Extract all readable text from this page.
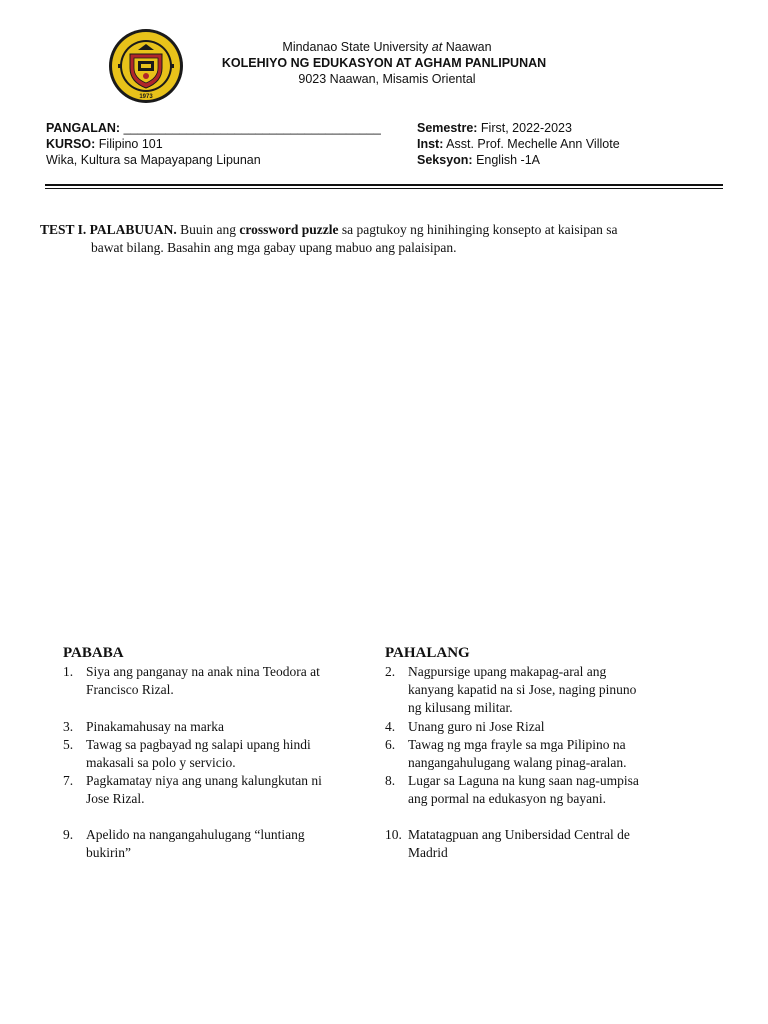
1973
Mindanao State University at Naawan
KOLEHIYO NG EDUKASYON AT AGHAM PANLIPUNAN
9023 Naawan, Misamis Oriental
PANGALAN: _____________________________________
KURSO: Filipino 101
Wika, Kultura sa Mapayapang Lipunan
Semestre: First, 2022-2023
Inst: Asst. Prof. Mechelle Ann Villote
Seksyon: English -1A
TEST I. PALABUUAN. Buuin ang crossword puzzle sa pagtukoy ng hinihinging konsepto at kaisipan sa
bawat bilang. Basahin ang mga gabay upang mabuo ang palaisipan.
PABABA	PAHALANG
1. Siya ang panganay na anak nina Teodora at
Francisco Rizal.
3. Pinakamahusay na marka
5. Tawag sa pagbayad ng salapi upang hindi
makasali sa polo y servicio.
7. Pagkamatay niya ang unang kalungkutan ni
Jose Rizal.
9. Apelido na nangangahulugang “luntiang
bukirin”
2. Nagpursige upang makapag-aral ang
kanyang kapatid na si Jose, naging pinuno
ng kilusang militar.
4. Unang guro ni Jose Rizal
6. Tawag ng mga frayle sa mga Pilipino na
nangangahulugang walang pinag-aralan.
8. Lugar sa Laguna na kung saan nag-umpisa
ang pormal na edukasyon ng bayani.
10. Matatagpuan ang Unibersidad Central de
Madrid
